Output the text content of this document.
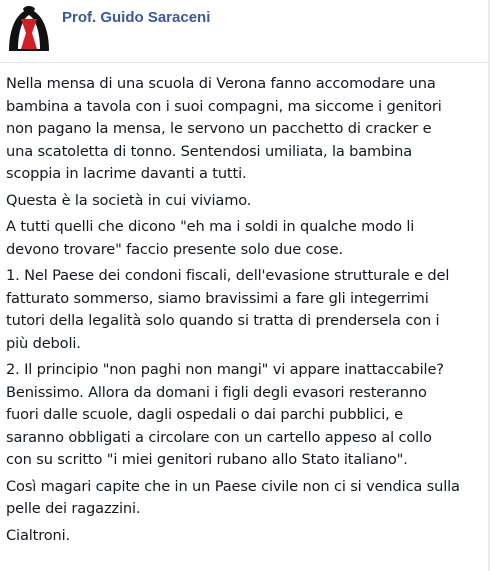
Prof. Guido Saraceni

Nella mensa di una scuola di Verona fanno accomodare una
bambina a tavola con i suoi compagni, ma siccome i genitori
non pagano la mensa, le servono un pacchetto di cracker e
una scatoletta di tonno. Sentendosi umiliata, la bambina
scoppia in lacrime davanti a tutti.

Questa è la società in cui viviamo.

A tutti quelli che dicono "eh ma i soldi in qualche modo li
devono trovare" faccio presente solo due cose.

1. Nel Paese dei condoni fiscali, dell'evasione strutturale e del
fatturato sommerso, siamo bravissimi a fare gli integerrimi
tutori della legalità solo quando si tratta di prendersela con i
più deboli.

2. Il principio "non paghi non mangi" vi appare inattaccabile?
Benissimo. Allora da domani i figli degli evasori resteranno
fuori dalle scuole, dagli ospedali o dai parchi pubblici, e
saranno obbligati a circolare con un cartello appeso al collo
con su scritto "i miei genitori rubano allo Stato italiano".

Così magari capite che in un Paese civile non ci si vendica sulla
pelle dei ragazzini.

Cialtroni.
